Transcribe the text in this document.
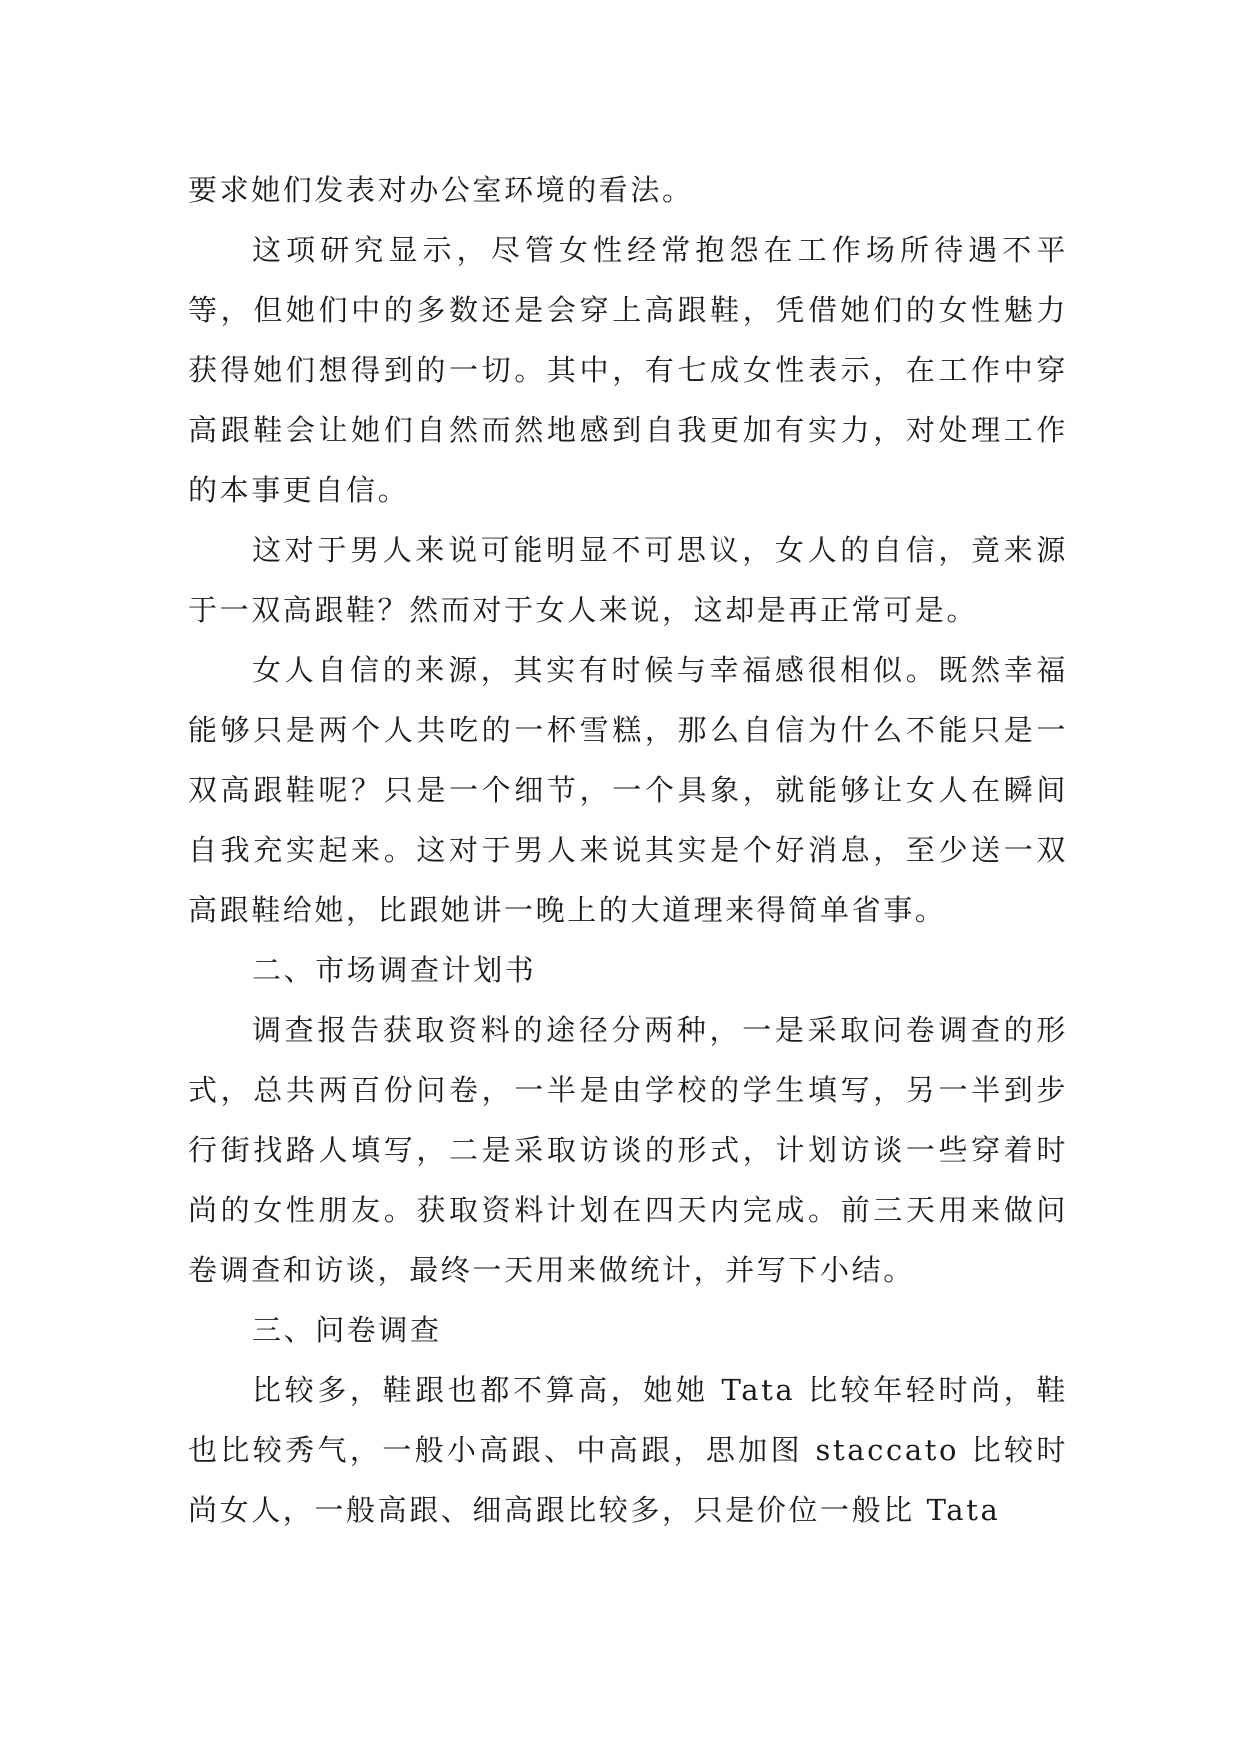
要求她们发表对办公室环境的看法。

这项研究显示，尽管女性经常抱怨在工作场所待遇不平等，但她们中的多数还是会穿上高跟鞋，凭借她们的女性魅力获得她们想得到的一切。其中，有七成女性表示，在工作中穿高跟鞋会让她们自然而然地感到自我更加有实力，对处理工作的本事更自信。

这对于男人来说可能明显不可思议，女人的自信，竟来源于一双高跟鞋？然而对于女人来说，这却是再正常可是。

女人自信的来源，其实有时候与幸福感很相似。既然幸福能够只是两个人共吃的一杯雪糕，那么自信为什么不能只是一双高跟鞋呢？只是一个细节，一个具象，就能够让女人在瞬间自我充实起来。这对于男人来说其实是个好消息，至少送一双高跟鞋给她，比跟她讲一晚上的大道理来得简单省事。

二、市场调查计划书

调查报告获取资料的途径分两种，一是采取问卷调查的形式，总共两百份问卷，一半是由学校的学生填写，另一半到步行街找路人填写，二是采取访谈的形式，计划访谈一些穿着时尚的女性朋友。获取资料计划在四天内完成。前三天用来做问卷调查和访谈，最终一天用来做统计，并写下小结。

三、问卷调查

比较多，鞋跟也都不算高，她她 Tata 比较年轻时尚，鞋也比较秀气，一般小高跟、中高跟，思加图 staccato 比较时尚女人，一般高跟、细高跟比较多，只是价位一般比 Tata
